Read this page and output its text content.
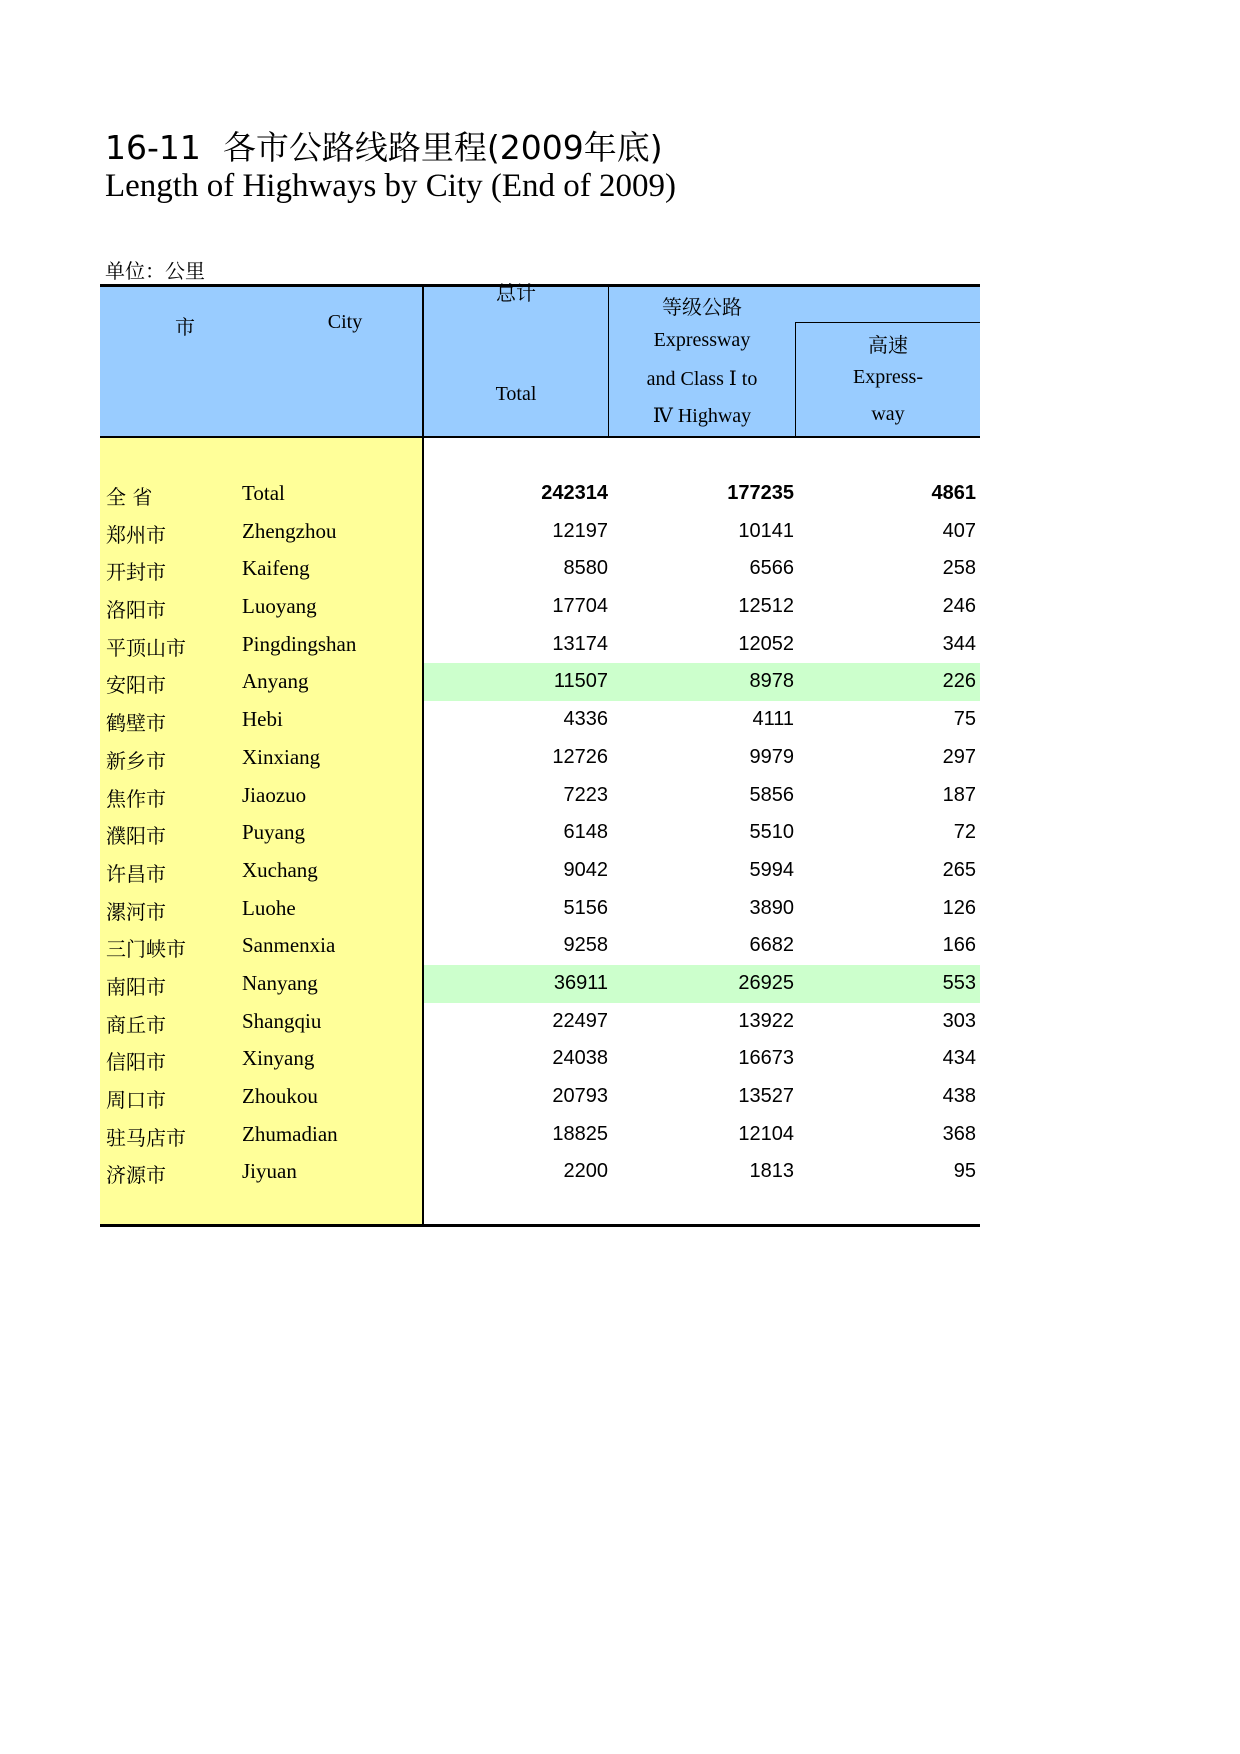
16-11 各市公路线路里程(2009年底)
Length of Highways by City (End of 2009)
单位：公里
市	City
总计
Total
等级公路
Expressway
and Class Ⅰ to
Ⅳ Highway
高速
Express-
way
全 省	Total	242314	177235	4861
郑州市	Zhengzhou	12197	10141	407
开封市	Kaifeng	8580	6566	258
洛阳市	Luoyang	17704	12512	246
平顶山市	Pingdingshan	13174	12052	344
安阳市	Anyang	11507	8978	226
鹤壁市	Hebi	4336	4111	75
新乡市	Xinxiang	12726	9979	297
焦作市	Jiaozuo	7223	5856	187
濮阳市	Puyang	6148	5510	72
许昌市	Xuchang	9042	5994	265
漯河市	Luohe	5156	3890	126
三门峡市	Sanmenxia	9258	6682	166
南阳市	Nanyang	36911	26925	553
商丘市	Shangqiu	22497	13922	303
信阳市	Xinyang	24038	16673	434
周口市	Zhoukou	20793	13527	438
驻马店市	Zhumadian	18825	12104	368
济源市	Jiyuan	2200	1813	95
